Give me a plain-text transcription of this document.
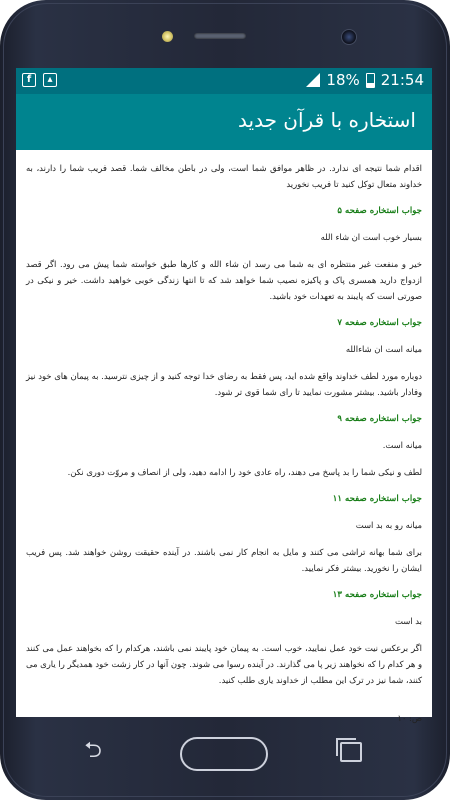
f	▴	18% 21:54
استخاره با قرآن جدید

اقدام شما نتیجه ای ندارد. در ظاهر موافق شما است، ولی در باطن مخالف شما. قصد فریب شما را دارند، به خداوند متعال توکل کنید تا فریب نخورید

جواب استخاره صفحه ۵

بسیار خوب است ان شاء الله

خیر و منفعت غیر منتظره ای به شما می رسد ان شاء الله و کارها طبق خواسته شما پیش می رود. اگر قصد ازدواج دارید همسری پاک و پاکیزه نصیب شما خواهد شد که تا انتها زندگی خوبی خواهید داشت. خیر و نیکی در صورتی است که پایبند به تعهدات خود باشید.

جواب استخاره صفحه ۷

میانه است ان شاءالله

دوباره مورد لطف خداوند واقع شده اید، پس فقط به رضای خدا توجه کنید و از چیزی نترسید. به پیمان های خود نیز وفادار باشید. بیشتر مشورت نمایید تا رای شما قوی تر شود.

جواب استخاره صفحه ۹

میانه است.

لطف و نیکی شما را بد پاسخ می دهند، راه عادی خود را ادامه دهید، ولی از انصاف و مروّت دوری نکن.

جواب استخاره صفحه ۱۱

میانه رو به بد است

برای شما بهانه تراشی می کنند و مایل به انجام کار نمی باشند. در آینده حقیقت روشن خواهند شد. پس فریب ایشان را نخورید. بیشتر فکر نمایید.

جواب استخاره صفحه ۱۳

بد است

اگر برعکس نیت خود عمل نمایید، خوب است. به پیمان خود پایبند نمی باشند، هرکدام را که بخواهند عمل می کنند و هر کدام را که نخواهند زیر پا می گذارند. در آینده رسوا می شوند. چون آنها در کار زشت خود همدیگر را یاری می کنند، شما نیز در ترک این مطلب از خداوند یاری طلب کنید.

ص: ۱۰

⮌
